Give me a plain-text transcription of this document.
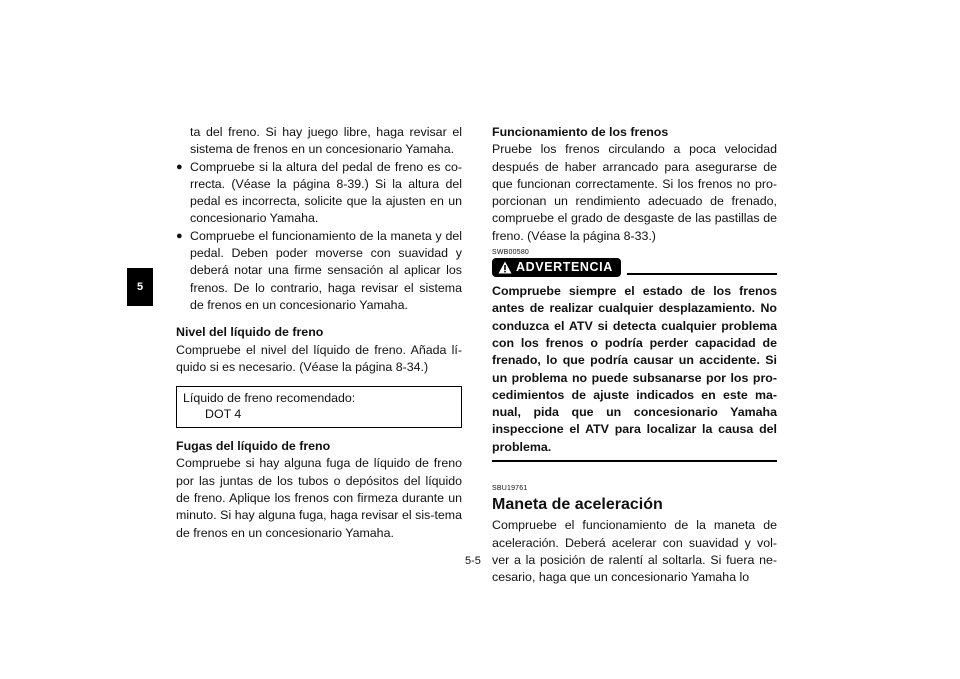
5

ta del freno. Si hay juego libre, haga revisar el sistema de frenos en un concesionario Yamaha.

● Compruebe si la altura del pedal de freno es co-rrecta. (Véase la página 8-39.) Si la altura del pedal es incorrecta, solicite que la ajusten en un concesionario Yamaha.

● Compruebe el funcionamiento de la maneta y del pedal. Deben poder moverse con suavidad y deberá notar una firme sensación al aplicar los frenos. De lo contrario, haga revisar el sistema de frenos en un concesionario Yamaha.

Nivel del líquido de freno

Compruebe el nivel del líquido de freno. Añada lí-quido si es necesario. (Véase la página 8-34.)

Líquido de freno recomendado:
DOT 4

Fugas del líquido de freno

Compruebe si hay alguna fuga de líquido de freno por las juntas de los tubos o depósitos del líquido de freno. Aplique los frenos con firmeza durante un minuto. Si hay alguna fuga, haga revisar el sis-tema de frenos en un concesionario Yamaha.

Funcionamiento de los frenos

Pruebe los frenos circulando a poca velocidad después de haber arrancado para asegurarse de que funcionan correctamente. Si los frenos no pro-porcionan un rendimiento adecuado de frenado, compruebe el grado de desgaste de las pastillas de freno. (Véase la página 8-33.)

SWB00580
ADVERTENCIA

Compruebe siempre el estado de los frenos antes de realizar cualquier desplazamiento. No conduzca el ATV si detecta cualquier problema con los frenos o podría perder capacidad de frenado, lo que podría causar un accidente. Si un problema no puede subsanarse por los pro-cedimientos de ajuste indicados en este ma-nual, pida que un concesionario Yamaha inspeccione el ATV para localizar la causa del problema.

SBU19761
Maneta de aceleración

Compruebe el funcionamiento de la maneta de aceleración. Deberá acelerar con suavidad y vol-ver a la posición de ralentí al soltarla. Si fuera ne-cesario, haga que un concesionario Yamaha lo

5-5
